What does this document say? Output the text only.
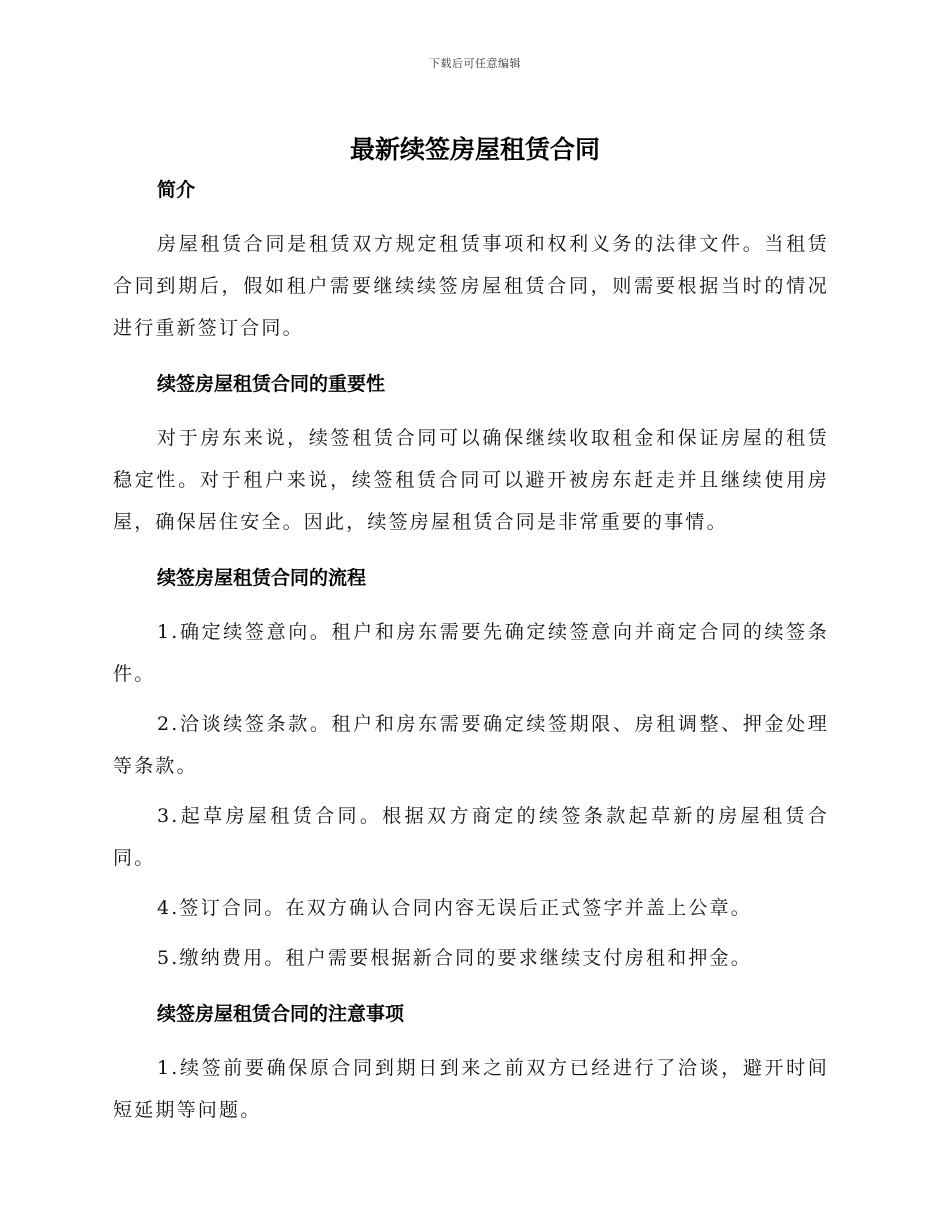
下载后可任意编辑
最新续签房屋租赁合同
简介

房屋租赁合同是租赁双方规定租赁事项和权利义务的法律文件。当租赁合同到期后，假如租户需要继续续签房屋租赁合同，则需要根据当时的情况进行重新签订合同。

续签房屋租赁合同的重要性

对于房东来说，续签租赁合同可以确保继续收取租金和保证房屋的租赁稳定性。对于租户来说，续签租赁合同可以避开被房东赶走并且继续使用房屋，确保居住安全。因此，续签房屋租赁合同是非常重要的事情。

续签房屋租赁合同的流程

1.确定续签意向。租户和房东需要先确定续签意向并商定合同的续签条件。

2.洽谈续签条款。租户和房东需要确定续签期限、房租调整、押金处理等条款。

3.起草房屋租赁合同。根据双方商定的续签条款起草新的房屋租赁合同。

4.签订合同。在双方确认合同内容无误后正式签字并盖上公章。

5.缴纳费用。租户需要根据新合同的要求继续支付房租和押金。

续签房屋租赁合同的注意事项

1.续签前要确保原合同到期日到来之前双方已经进行了洽谈，避开时间短延期等问题。
